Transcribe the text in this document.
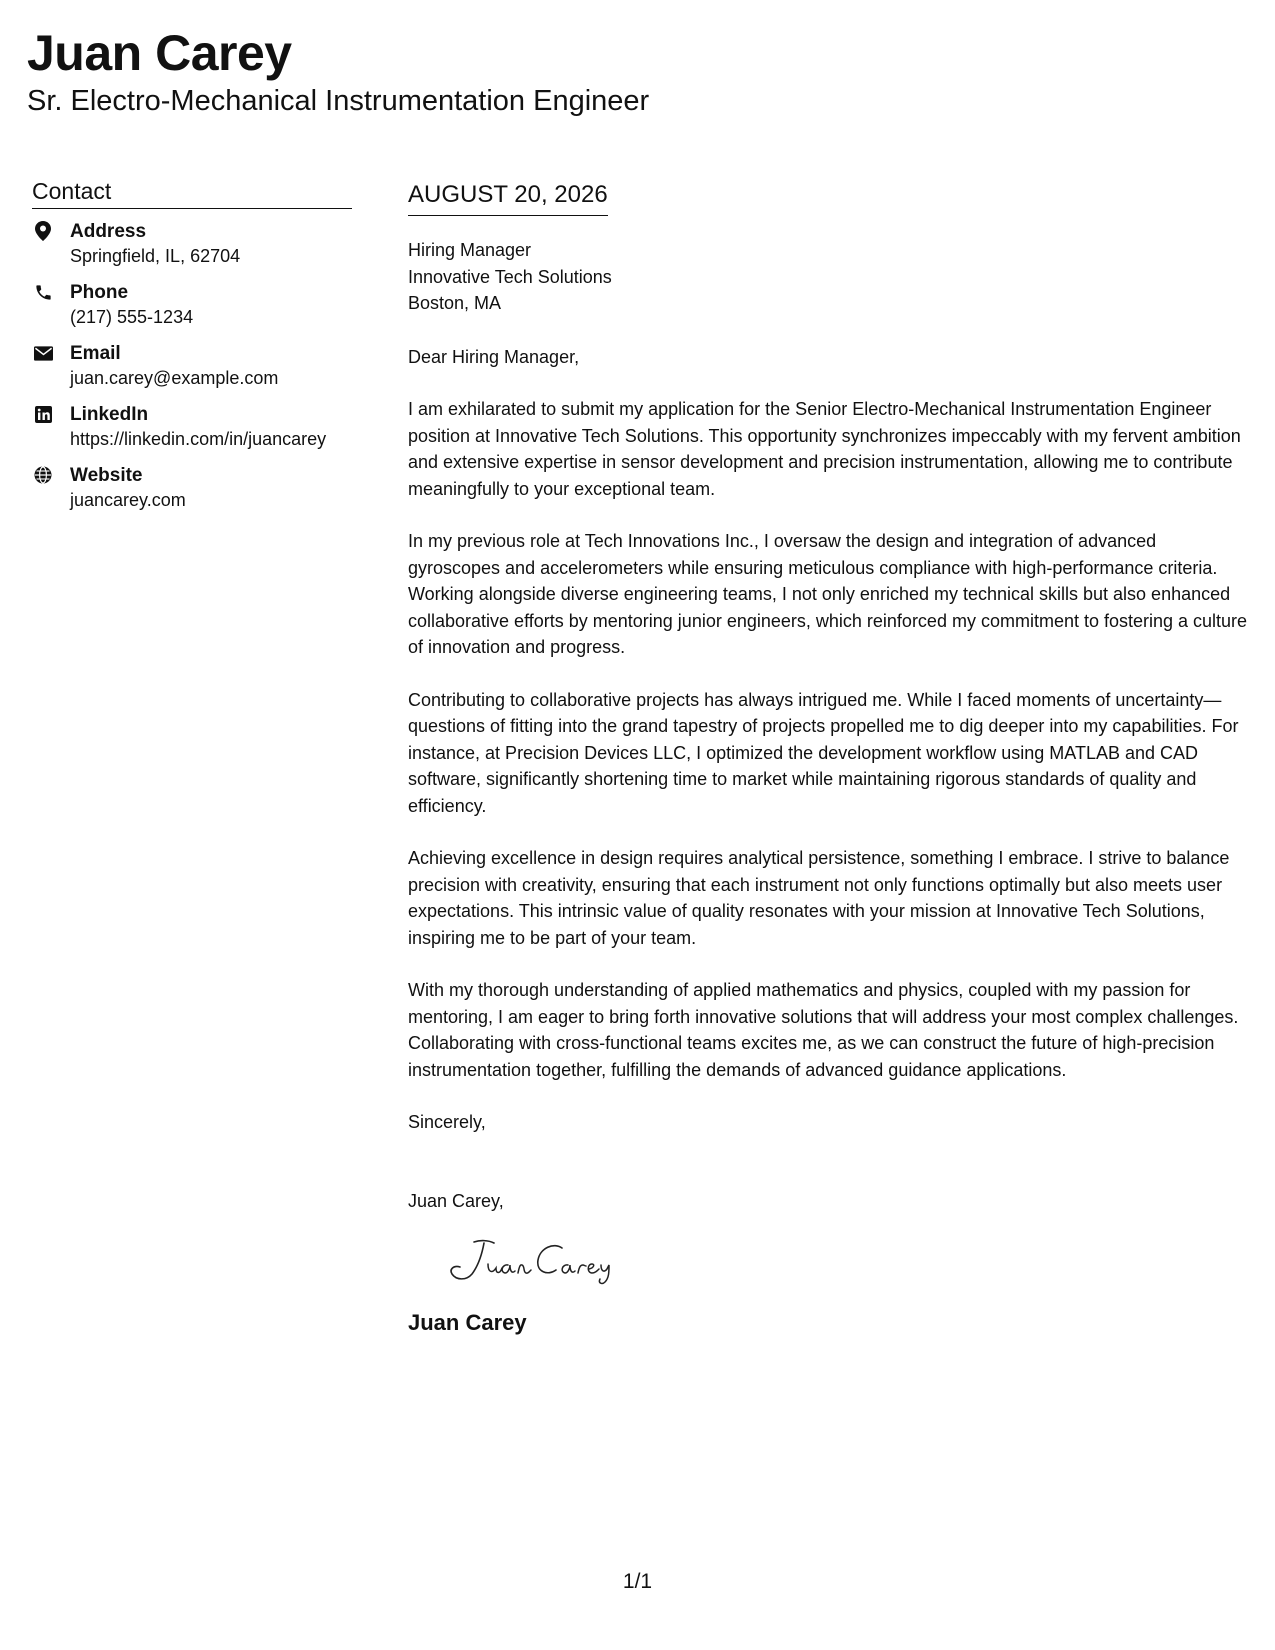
Juan Carey
Sr. Electro-Mechanical Instrumentation Engineer
Contact
Address
Springfield, IL, 62704
Phone
(217) 555-1234
Email
juan.carey@example.com
LinkedIn
https://linkedin.com/in/juancarey
Website
juancarey.com
AUGUST 20, 2026
Hiring Manager
Innovative Tech Solutions
Boston, MA
Dear Hiring Manager,
I am exhilarated to submit my application for the Senior Electro-Mechanical Instrumentation Engineer position at Innovative Tech Solutions. This opportunity synchronizes impeccably with my fervent ambition and extensive expertise in sensor development and precision instrumentation, allowing me to contribute meaningfully to your exceptional team.
In my previous role at Tech Innovations Inc., I oversaw the design and integration of advanced gyroscopes and accelerometers while ensuring meticulous compliance with high-performance criteria. Working alongside diverse engineering teams, I not only enriched my technical skills but also enhanced collaborative efforts by mentoring junior engineers, which reinforced my commitment to fostering a culture of innovation and progress.
Contributing to collaborative projects has always intrigued me. While I faced moments of uncertainty—questions of fitting into the grand tapestry of projects propelled me to dig deeper into my capabilities. For instance, at Precision Devices LLC, I optimized the development workflow using MATLAB and CAD software, significantly shortening time to market while maintaining rigorous standards of quality and efficiency.
Achieving excellence in design requires analytical persistence, something I embrace. I strive to balance precision with creativity, ensuring that each instrument not only functions optimally but also meets user expectations. This intrinsic value of quality resonates with your mission at Innovative Tech Solutions, inspiring me to be part of your team.
With my thorough understanding of applied mathematics and physics, coupled with my passion for mentoring, I am eager to bring forth innovative solutions that will address your most complex challenges. Collaborating with cross-functional teams excites me, as we can construct the future of high-precision instrumentation together, fulfilling the demands of advanced guidance applications.
Sincerely,
Juan Carey,
Juan Carey
1/1
